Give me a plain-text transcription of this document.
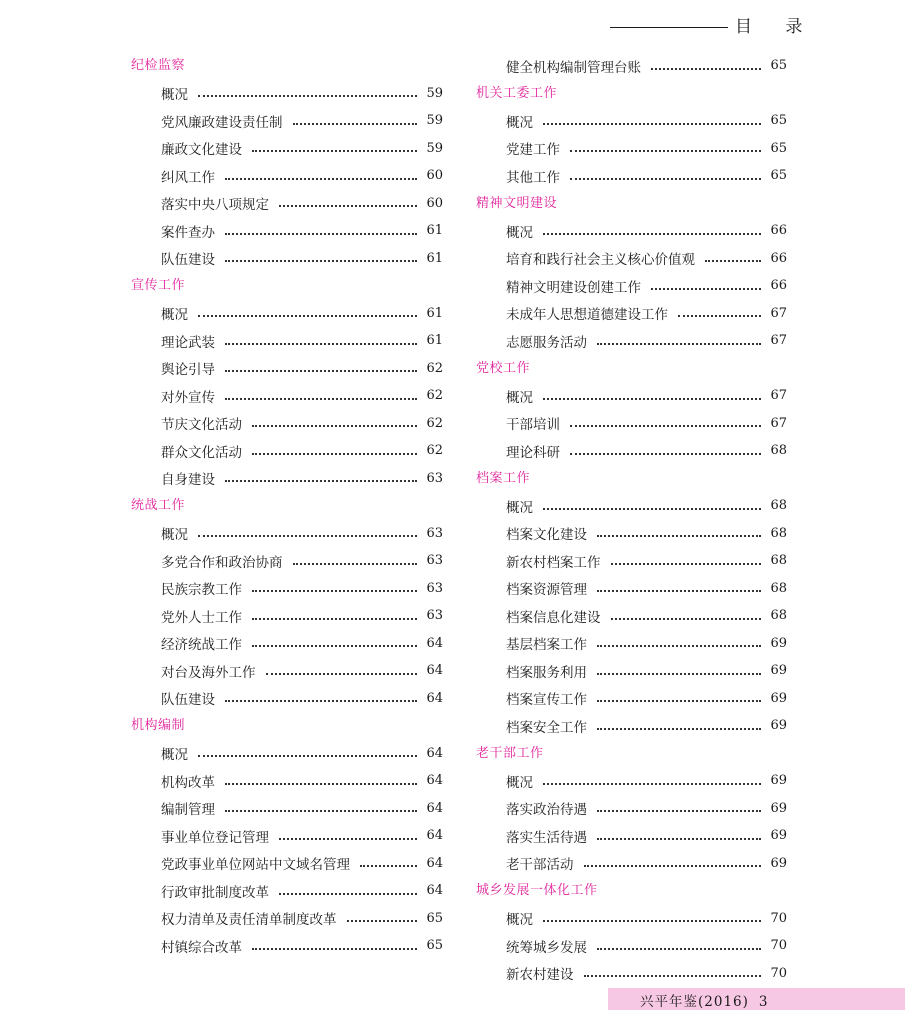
目 录
纪检监察
概况	59
党风廉政建设责任制	59
廉政文化建设	59
纠风工作	60
落实中央八项规定	60
案件查办	61
队伍建设	61
宣传工作
概况	61
理论武装	61
舆论引导	62
对外宣传	62
节庆文化活动	62
群众文化活动	62
自身建设	63
统战工作
概况	63
多党合作和政治协商	63
民族宗教工作	63
党外人士工作	63
经济统战工作	64
对台及海外工作	64
队伍建设	64
机构编制
概况	64
机构改革	64
编制管理	64
事业单位登记管理	64
党政事业单位网站中文域名管理	64
行政审批制度改革	64
权力清单及责任清单制度改革	65
村镇综合改革	65
健全机构编制管理台账	65
机关工委工作
概况	65
党建工作	65
其他工作	65
精神文明建设
概况	66
培育和践行社会主义核心价值观	66
精神文明建设创建工作	66
未成年人思想道德建设工作	67
志愿服务活动	67
党校工作
概况	67
干部培训	67
理论科研	68
档案工作
概况	68
档案文化建设	68
新农村档案工作	68
档案资源管理	68
档案信息化建设	68
基层档案工作	69
档案服务利用	69
档案宣传工作	69
档案安全工作	69
老干部工作
概况	69
落实政治待遇	69
落实生活待遇	69
老干部活动	69
城乡发展一体化工作
概况	70
统筹城乡发展	70
新农村建设	70
兴平年鉴(2016) 3
